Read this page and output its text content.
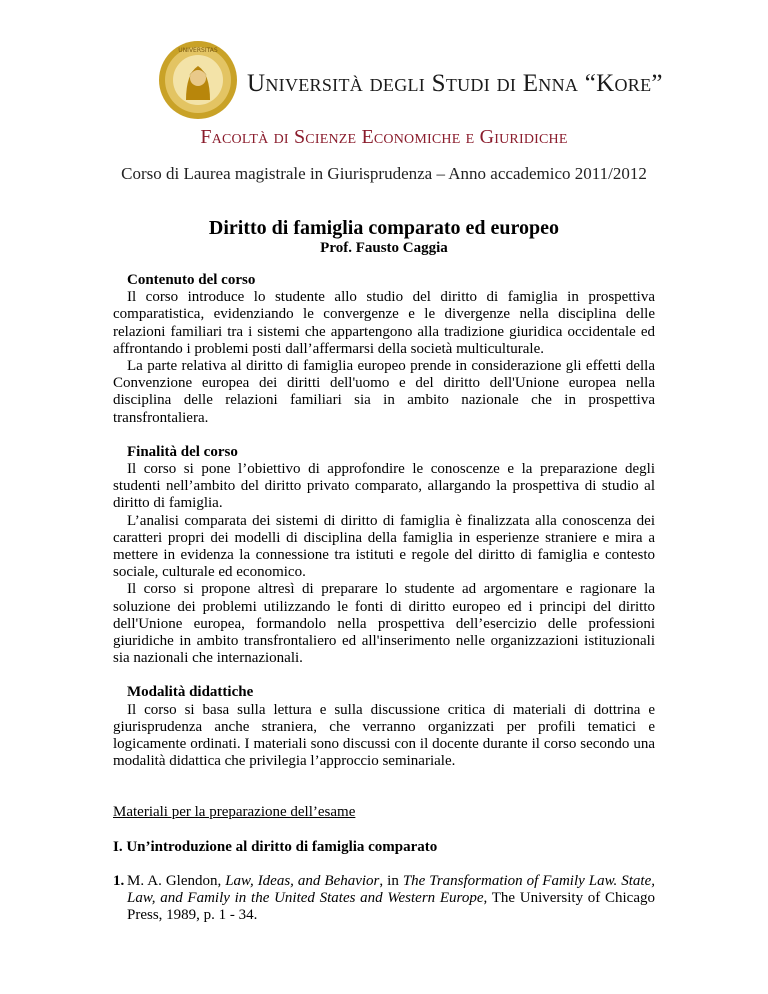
UNIVERSITAS
Università degli Studi di Enna “Kore”
Facoltà di Scienze Economiche e Giuridiche
Corso di Laurea magistrale in Giurisprudenza – Anno accademico 2011/2012
Diritto di famiglia comparato ed europeo
Prof. Fausto Caggia

Contenuto del corso

Il corso introduce lo studente allo studio del diritto di famiglia in prospettiva comparatistica, evidenziando le convergenze e le divergenze nella disciplina delle relazioni familiari tra i sistemi che appartengono alla tradizione giuridica occidentale ed affrontando i problemi posti dall’affermarsi della società multiculturale.

La parte relativa al diritto di famiglia europeo prende in considerazione gli effetti della Convenzione europea dei diritti dell'uomo e del diritto dell'Unione europea nella disciplina delle relazioni familiari sia in ambito nazionale che in prospettiva transfrontaliera.

Finalità del corso

Il corso si pone l’obiettivo di approfondire le conoscenze e la preparazione degli studenti nell’ambito del diritto privato comparato, allargando la prospettiva di studio al diritto di famiglia.

L’analisi comparata dei sistemi di diritto di famiglia è finalizzata alla conoscenza dei caratteri propri dei modelli di disciplina della famiglia in esperienze straniere e mira a mettere in evidenza la connessione tra istituti e regole del diritto di famiglia e contesto sociale, culturale ed economico.

Il corso si propone altresì di preparare lo studente ad argomentare e ragionare la soluzione dei problemi utilizzando le fonti di diritto europeo ed i principi del diritto dell'Unione europea, formandolo nella prospettiva dell’esercizio delle professioni giuridiche in ambito transfrontaliero ed all'inserimento nelle organizzazioni istituzionali sia nazionali che internazionali.

Modalità didattiche

Il corso si basa sulla lettura e sulla discussione critica di materiali di dottrina e giurisprudenza anche straniera, che verranno organizzati per profili tematici e logicamente ordinati. I materiali sono discussi con il docente durante il corso secondo una modalità didattica che privilegia l’approccio seminariale.

Materiali per la preparazione dell’esame

I. Un’introduzione al diritto di famiglia comparato

1. M. A. Glendon, Law, Ideas, and Behavior, in The Transformation of Family Law. State, Law, and Family in the United States and Western Europe, The University of Chicago Press, 1989, p. 1 - 34.
